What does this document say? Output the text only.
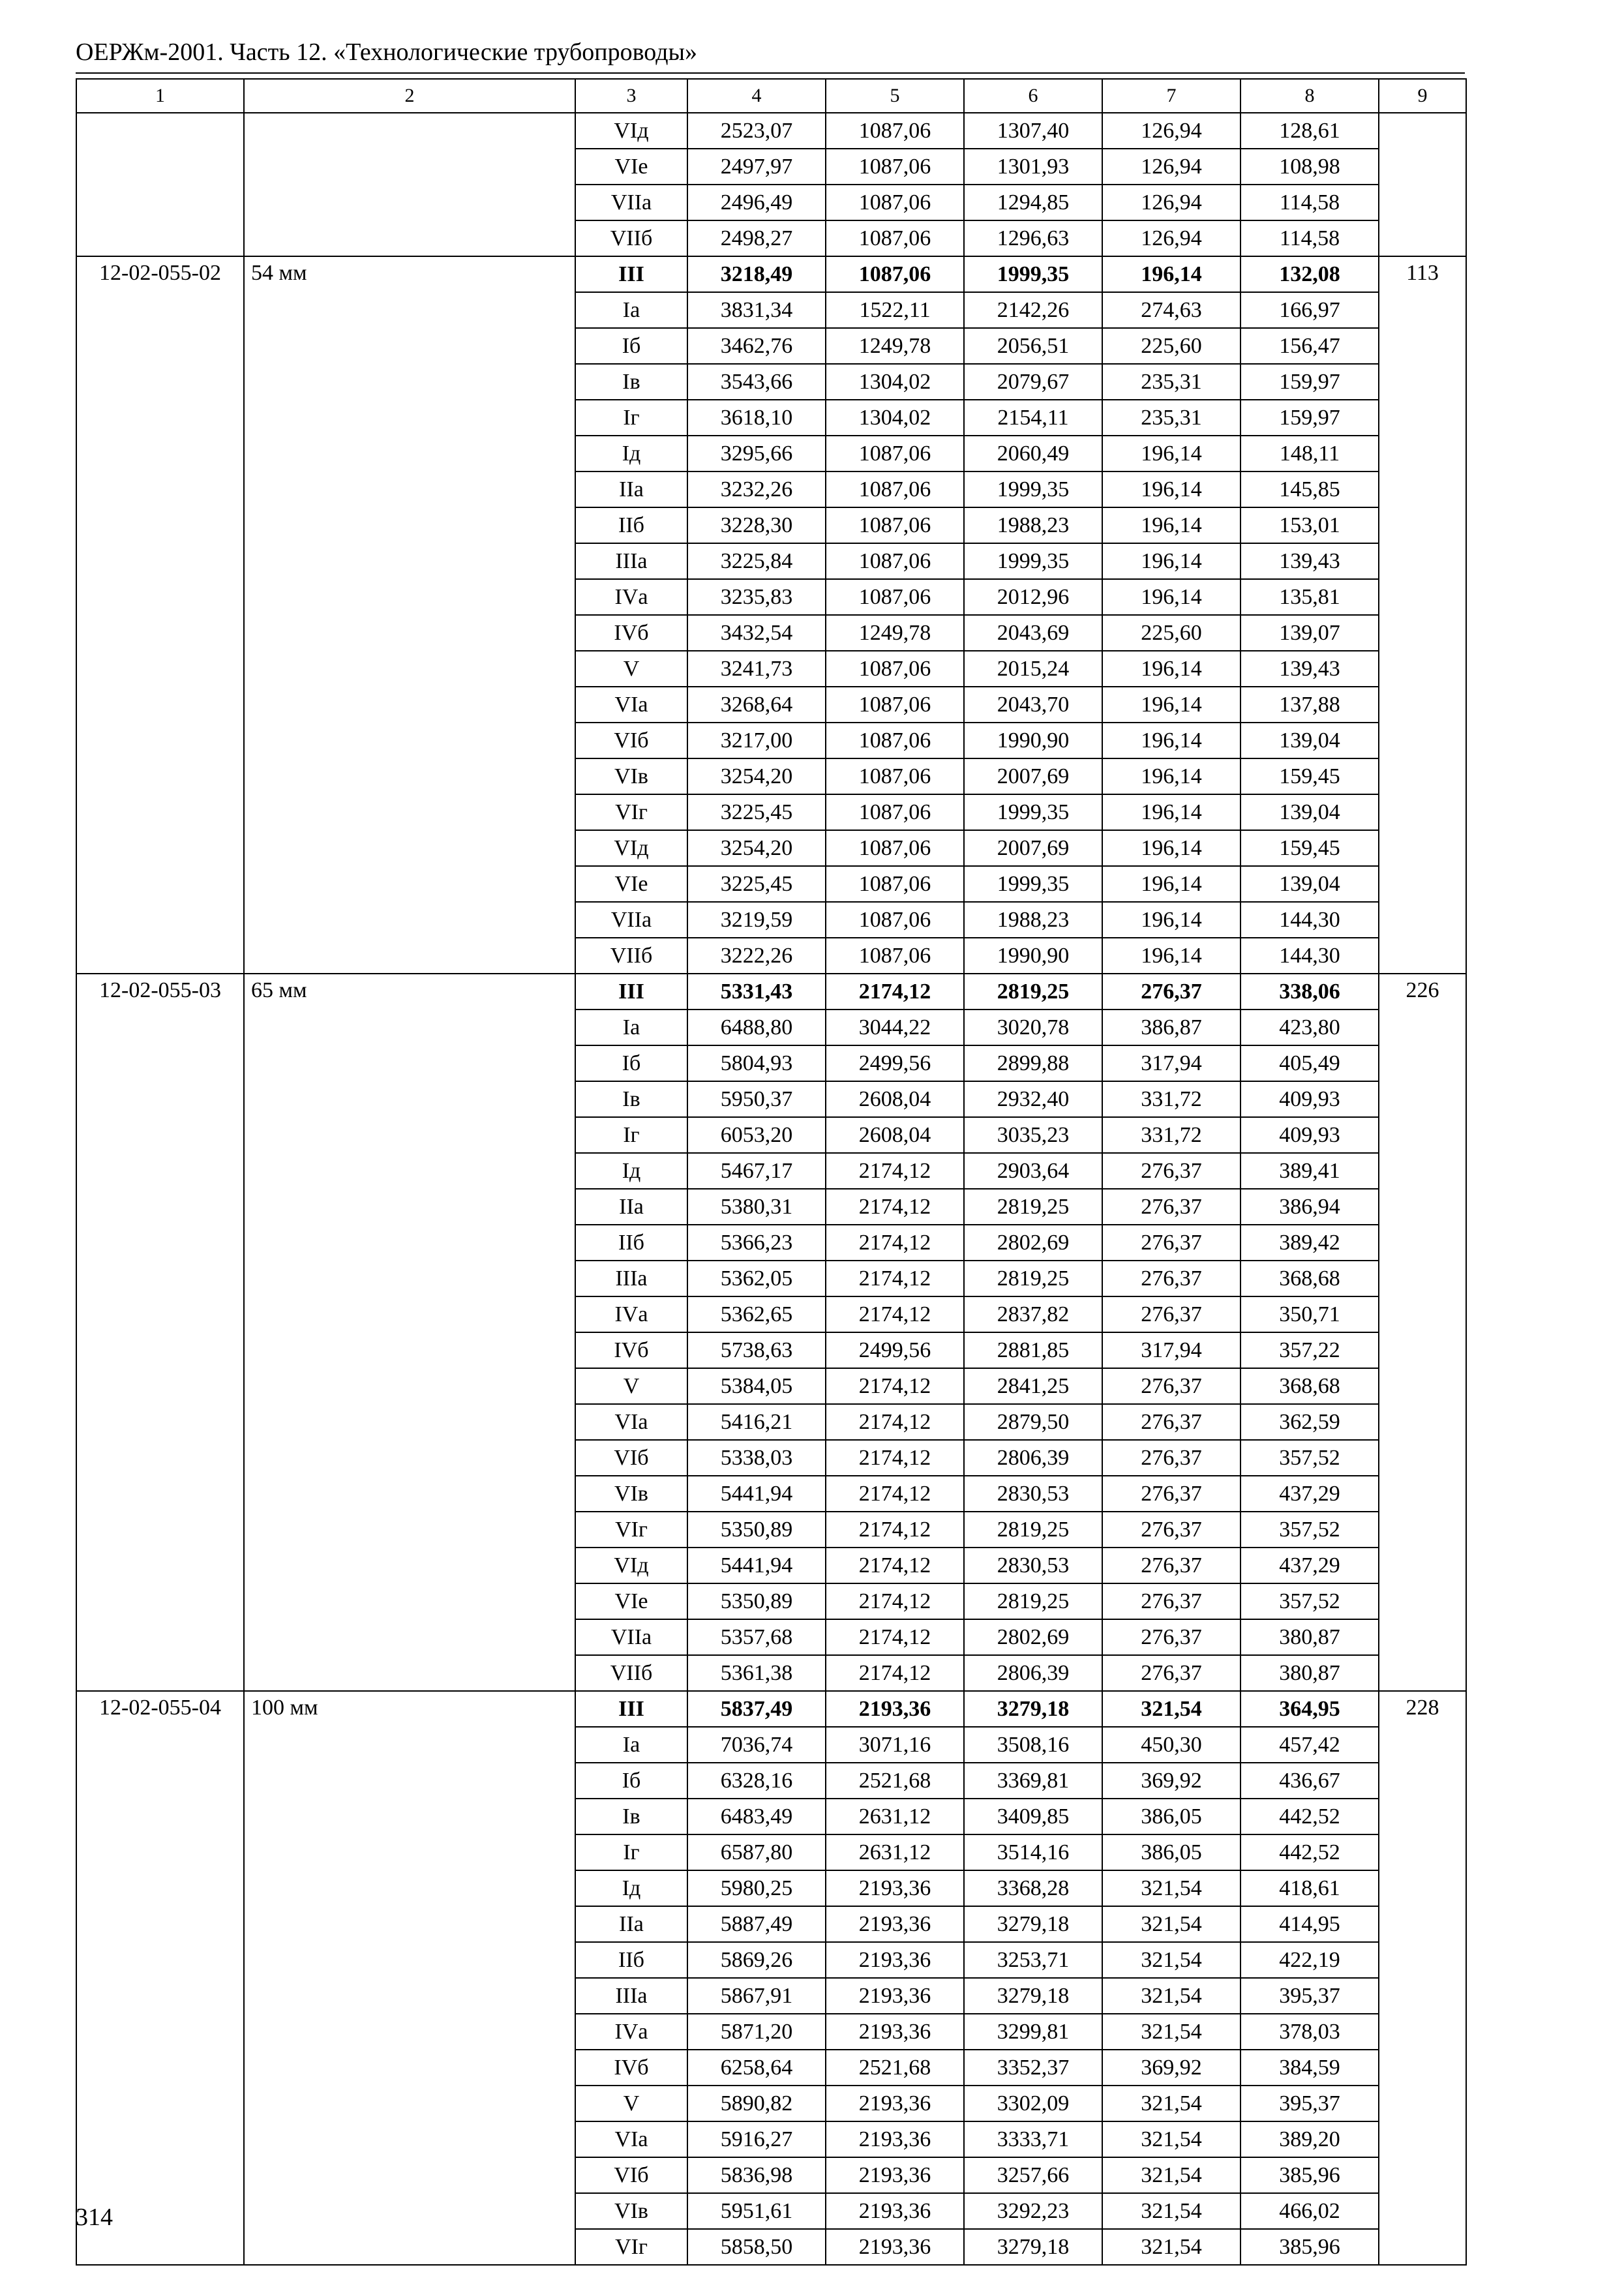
ОЕРЖм-2001. Часть 12. «Технологические трубопроводы»
1	2	3	4	5	6	7	8	9
		VIд	2523,07	1087,06	1307,40	126,94	128,61	
		VIе	2497,97	1087,06	1301,93	126,94	108,98	
		VIIа	2496,49	1087,06	1294,85	126,94	114,58	
		VIIб	2498,27	1087,06	1296,63	126,94	114,58	
12-02-055-02	54 мм	III	3218,49	1087,06	1999,35	196,14	132,08	113
		Iа	3831,34	1522,11	2142,26	274,63	166,97	
		Iб	3462,76	1249,78	2056,51	225,60	156,47	
		Iв	3543,66	1304,02	2079,67	235,31	159,97	
		Iг	3618,10	1304,02	2154,11	235,31	159,97	
		Iд	3295,66	1087,06	2060,49	196,14	148,11	
		IIа	3232,26	1087,06	1999,35	196,14	145,85	
		IIб	3228,30	1087,06	1988,23	196,14	153,01	
		IIIа	3225,84	1087,06	1999,35	196,14	139,43	
		IVа	3235,83	1087,06	2012,96	196,14	135,81	
		IVб	3432,54	1249,78	2043,69	225,60	139,07	
		V	3241,73	1087,06	2015,24	196,14	139,43	
		VIа	3268,64	1087,06	2043,70	196,14	137,88	
		VIб	3217,00	1087,06	1990,90	196,14	139,04	
		VIв	3254,20	1087,06	2007,69	196,14	159,45	
		VIг	3225,45	1087,06	1999,35	196,14	139,04	
		VIд	3254,20	1087,06	2007,69	196,14	159,45	
		VIе	3225,45	1087,06	1999,35	196,14	139,04	
		VIIа	3219,59	1087,06	1988,23	196,14	144,30	
		VIIб	3222,26	1087,06	1990,90	196,14	144,30	
12-02-055-03	65 мм	III	5331,43	2174,12	2819,25	276,37	338,06	226
		Iа	6488,80	3044,22	3020,78	386,87	423,80	
		Iб	5804,93	2499,56	2899,88	317,94	405,49	
		Iв	5950,37	2608,04	2932,40	331,72	409,93	
		Iг	6053,20	2608,04	3035,23	331,72	409,93	
		Iд	5467,17	2174,12	2903,64	276,37	389,41	
		IIа	5380,31	2174,12	2819,25	276,37	386,94	
		IIб	5366,23	2174,12	2802,69	276,37	389,42	
		IIIа	5362,05	2174,12	2819,25	276,37	368,68	
		IVа	5362,65	2174,12	2837,82	276,37	350,71	
		IVб	5738,63	2499,56	2881,85	317,94	357,22	
		V	5384,05	2174,12	2841,25	276,37	368,68	
		VIа	5416,21	2174,12	2879,50	276,37	362,59	
		VIб	5338,03	2174,12	2806,39	276,37	357,52	
		VIв	5441,94	2174,12	2830,53	276,37	437,29	
		VIг	5350,89	2174,12	2819,25	276,37	357,52	
		VIд	5441,94	2174,12	2830,53	276,37	437,29	
		VIе	5350,89	2174,12	2819,25	276,37	357,52	
		VIIа	5357,68	2174,12	2802,69	276,37	380,87	
		VIIб	5361,38	2174,12	2806,39	276,37	380,87	
12-02-055-04	100 мм	III	5837,49	2193,36	3279,18	321,54	364,95	228
		Iа	7036,74	3071,16	3508,16	450,30	457,42	
		Iб	6328,16	2521,68	3369,81	369,92	436,67	
		Iв	6483,49	2631,12	3409,85	386,05	442,52	
		Iг	6587,80	2631,12	3514,16	386,05	442,52	
		Iд	5980,25	2193,36	3368,28	321,54	418,61	
		IIа	5887,49	2193,36	3279,18	321,54	414,95	
		IIб	5869,26	2193,36	3253,71	321,54	422,19	
		IIIа	5867,91	2193,36	3279,18	321,54	395,37	
		IVа	5871,20	2193,36	3299,81	321,54	378,03	
		IVб	6258,64	2521,68	3352,37	369,92	384,59	
		V	5890,82	2193,36	3302,09	321,54	395,37	
		VIа	5916,27	2193,36	3333,71	321,54	389,20	
		VIб	5836,98	2193,36	3257,66	321,54	385,96	
		VIв	5951,61	2193,36	3292,23	321,54	466,02	
		VIг	5858,50	2193,36	3279,18	321,54	385,96	
314
